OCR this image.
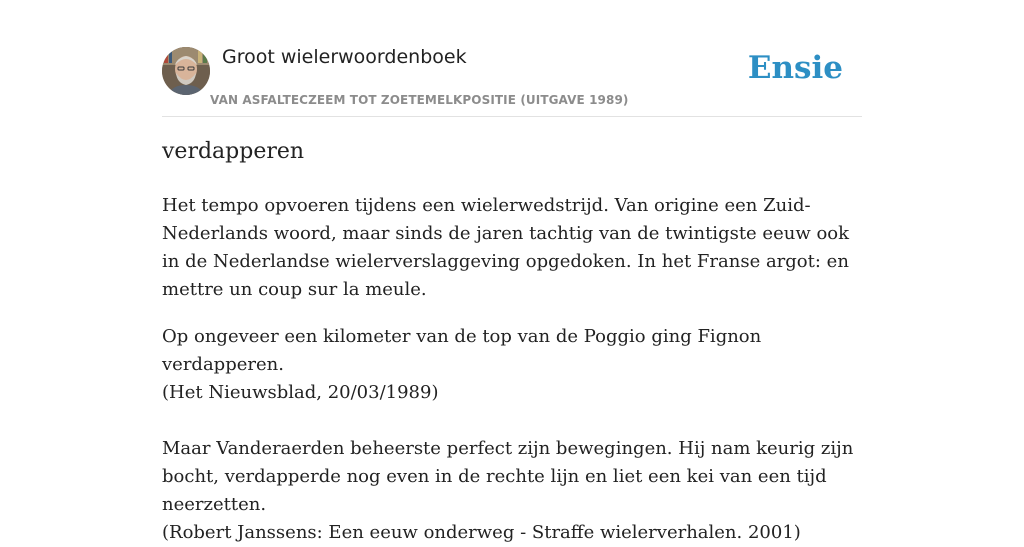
Groot wielerwoordenboek
VAN ASFALTECZEEM TOT ZOETEMELKPOSITIE (UITGAVE 1989)
Ensie
verdapperen
Het tempo opvoeren tijdens een wielerwedstrijd. Van origine een Zuid-Nederlands woord, maar sinds de jaren tachtig van de twintigste eeuw ook in de Nederlandse wielerverslaggeving opgedoken. In het Franse argot: en mettre un coup sur la meule.
Op ongeveer een kilometer van de top van de Poggio ging Fignon verdapperen.
(Het Nieuwsblad, 20/03/1989)

Maar Vanderaerden beheerste perfect zijn bewegingen. Hij nam keurig zijn bocht, verdapperde nog even in de rechte lijn en liet een kei van een tijd neerzetten.
(Robert Janssens: Een eeuw onderweg - Straffe wielerverhalen. 2001)
